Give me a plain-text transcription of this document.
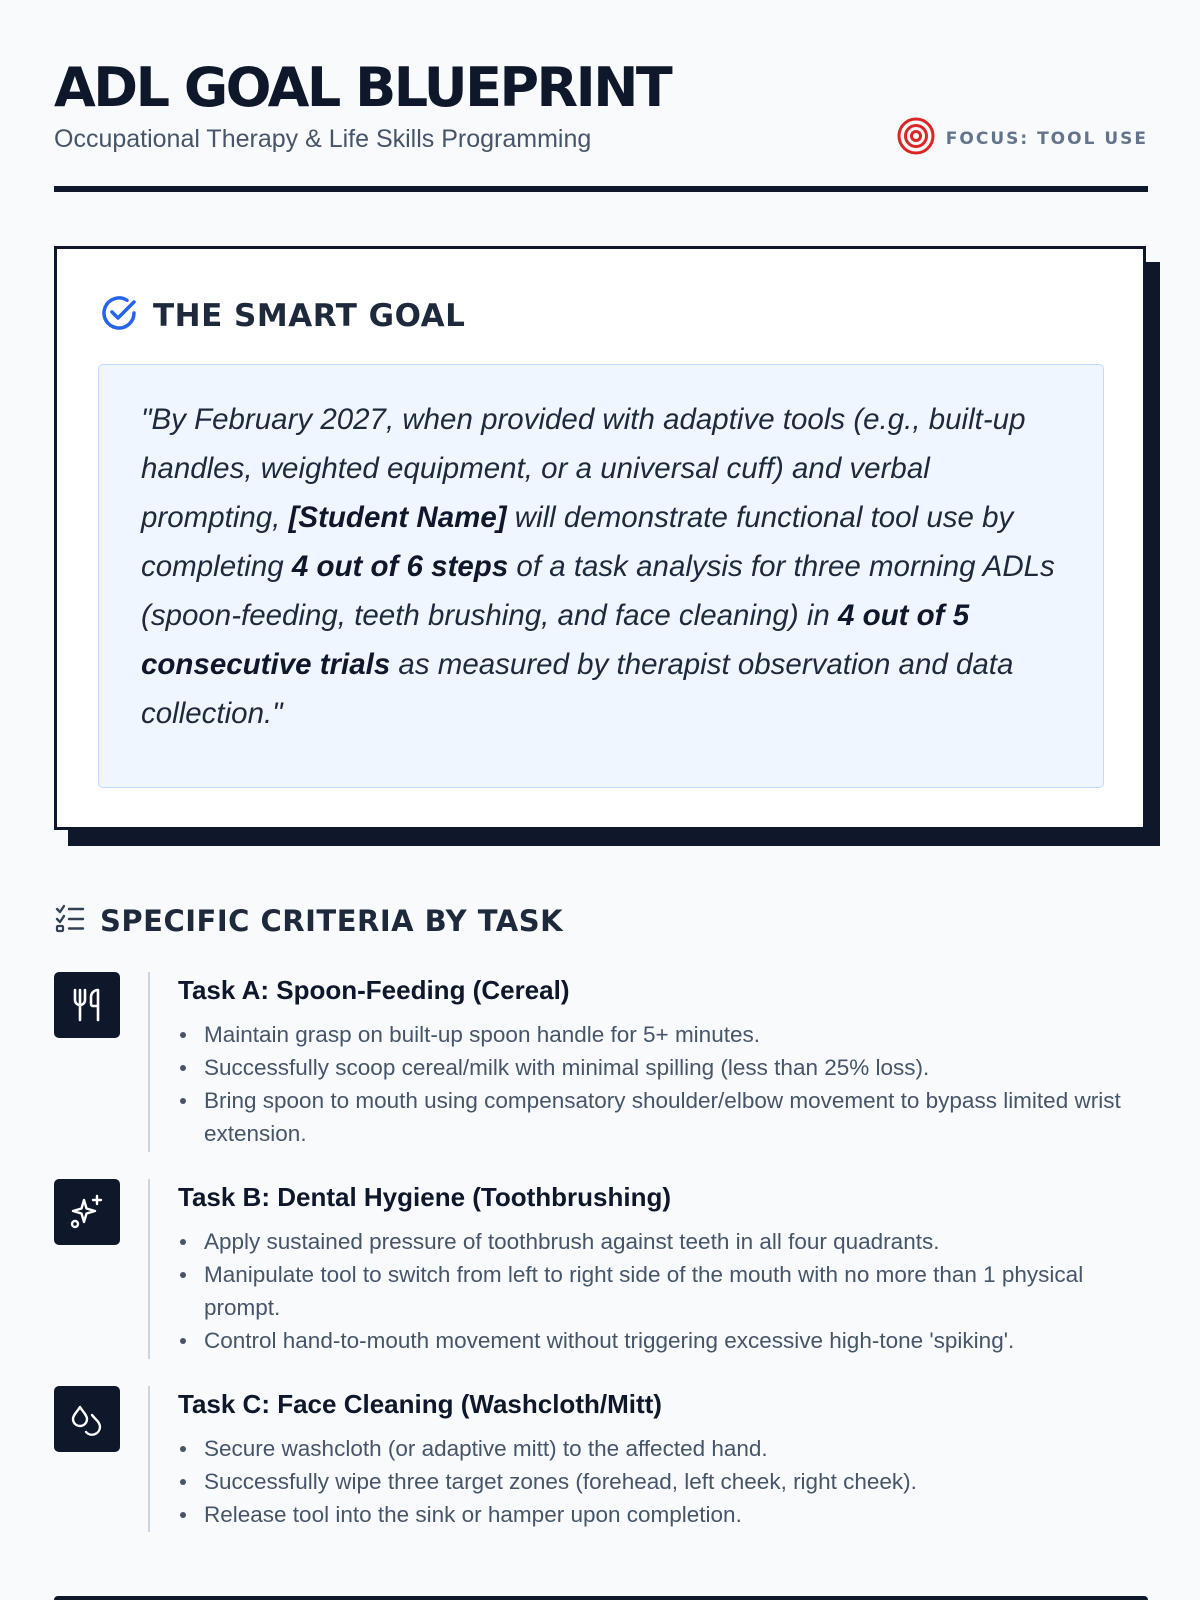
ADL GOAL BLUEPRINT
Occupational Therapy & Life Skills Programming	FOCUS: TOOL USE
THE SMART GOAL

"By February 2027, when provided with adaptive tools (e.g., built-up handles, weighted equipment, or a universal cuff) and verbal prompting, [Student Name] will demonstrate functional tool use by completing 4 out of 6 steps of a task analysis for three morning ADLs (spoon-feeding, teeth brushing, and face cleaning) in 4 out of 5 consecutive trials as measured by therapist observation and data collection."

SPECIFIC CRITERIA BY TASK
Task A: Spoon-Feeding (Cereal)
Maintain grasp on built-up spoon handle for 5+ minutes.
Successfully scoop cereal/milk with minimal spilling (less than 25% loss).
Bring spoon to mouth using compensatory shoulder/elbow movement to bypass limited wrist extension.
Task B: Dental Hygiene (Toothbrushing)
Apply sustained pressure of toothbrush against teeth in all four quadrants.
Manipulate tool to switch from left to right side of the mouth with no more than 1 physical prompt.
Control hand-to-mouth movement without triggering excessive high-tone 'spiking'.
Task C: Face Cleaning (Washcloth/Mitt)
Secure washcloth (or adaptive mitt) to the affected hand.
Successfully wipe three target zones (forehead, left cheek, right cheek).
Release tool into the sink or hamper upon completion.
